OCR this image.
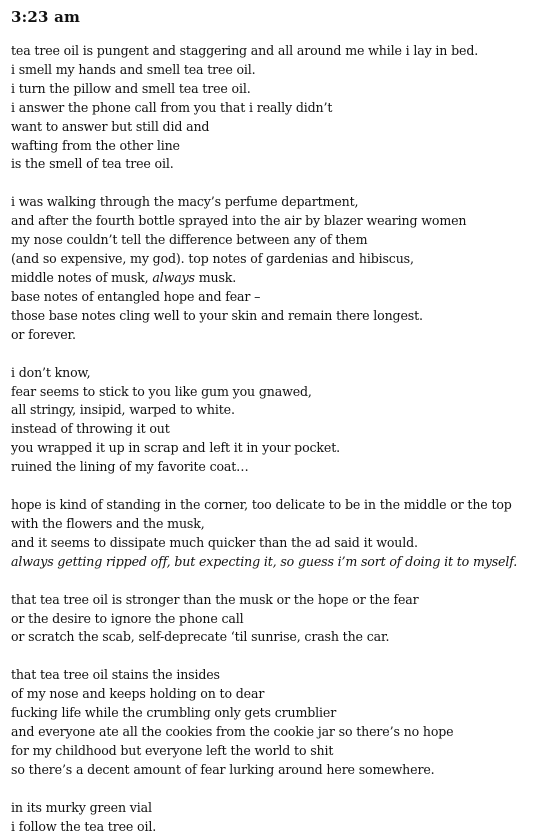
3:23 am
tea tree oil is pungent and staggering and all around me while i lay in bed.
i smell my hands and smell tea tree oil.
i turn the pillow and smell tea tree oil.
i answer the phone call from you that i really didn’t
want to answer but still did and
wafting from the other line
is the smell of tea tree oil.
i was walking through the macy’s perfume department,
and after the fourth bottle sprayed into the air by blazer wearing women
my nose couldn’t tell the difference between any of them
(and so expensive, my god). top notes of gardenias and hibiscus,
middle notes of musk, always musk.
base notes of entangled hope and fear –
those base notes cling well to your skin and remain there longest.
or forever.
i don’t know,
fear seems to stick to you like gum you gnawed,
all stringy, insipid, warped to white.
instead of throwing it out
you wrapped it up in scrap and left it in your pocket.
ruined the lining of my favorite coat…
hope is kind of standing in the corner, too delicate to be in the middle or the top
with the flowers and the musk,
and it seems to dissipate much quicker than the ad said it would.
always getting ripped off, but expecting it, so guess i’m sort of doing it to myself.
that tea tree oil is stronger than the musk or the hope or the fear
or the desire to ignore the phone call
or scratch the scab, self-deprecate ‘til sunrise, crash the car.
that tea tree oil stains the insides
of my nose and keeps holding on to dear
fucking life while the crumbling only gets crumblier
and everyone ate all the cookies from the cookie jar so there’s no hope
for my childhood but everyone left the world to shit
so there’s a decent amount of fear lurking around here somewhere.
in its murky green vial
i follow the tea tree oil.
